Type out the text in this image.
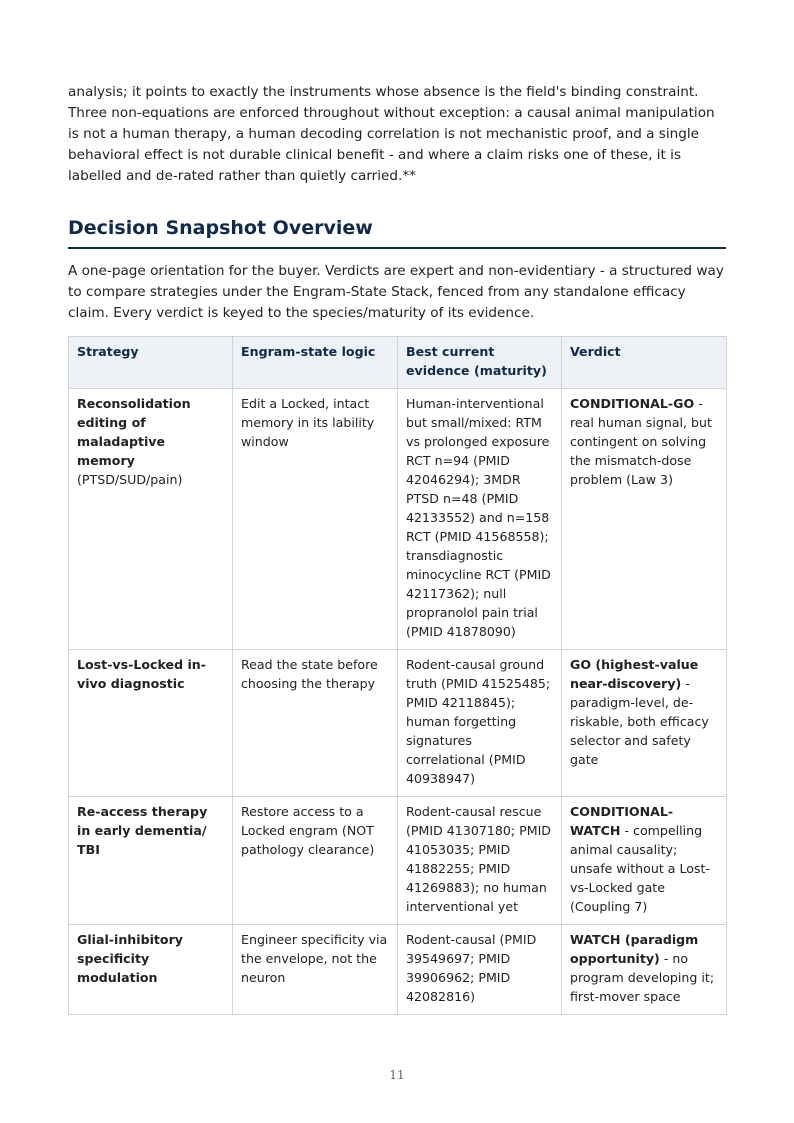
analysis; it points to exactly the instruments whose absence is the field's binding constraint. Three non-equations are enforced throughout without exception: a causal animal manipulation is not a human therapy, a human decoding correlation is not mechanistic proof, and a single behavioral effect is not durable clinical benefit - and where a claim risks one of these, it is labelled and de-rated rather than quietly carried.**

Decision Snapshot Overview

A one-page orientation for the buyer. Verdicts are expert and non-evidentiary - a structured way to compare strategies under the Engram-State Stack, fenced from any standalone efficacy claim. Every verdict is keyed to the species/maturity of its evidence.

Strategy	Engram-state logic	Best current evidence (maturity)	Verdict
Reconsolidation editing of maladaptive memory (PTSD/SUD/pain)	Edit a Locked, intact memory in its lability window	Human-interventional but small/mixed: RTM vs prolonged exposure RCT n=94 (PMID 42046294); 3MDR PTSD n=48 (PMID 42133552) and n=158 RCT (PMID 41568558); transdiagnostic minocycline RCT (PMID 42117362); null propranolol pain trial (PMID 41878090)	CONDITIONAL-GO - real human signal, but contingent on solving the mismatch-dose problem (Law 3)
Lost-vs-Locked in-vivo diagnostic	Read the state before choosing the therapy	Rodent-causal ground truth (PMID 41525485; PMID 42118845); human forgetting signatures correlational (PMID 40938947)	GO (highest-value near-discovery) - paradigm-level, de-riskable, both efficacy selector and safety gate
Re-access therapy in early dementia/ TBI	Restore access to a Locked engram (NOT pathology clearance)	Rodent-causal rescue (PMID 41307180; PMID 41053035; PMID 41882255; PMID 41269883); no human interventional yet	CONDITIONAL-WATCH - compelling animal causality; unsafe without a Lost-vs-Locked gate (Coupling 7)
Glial-inhibitory specificity modulation	Engineer specificity via the envelope, not the neuron	Rodent-causal (PMID 39549697; PMID 39906962; PMID 42082816)	WATCH (paradigm opportunity) - no program developing it; first-mover space
11
